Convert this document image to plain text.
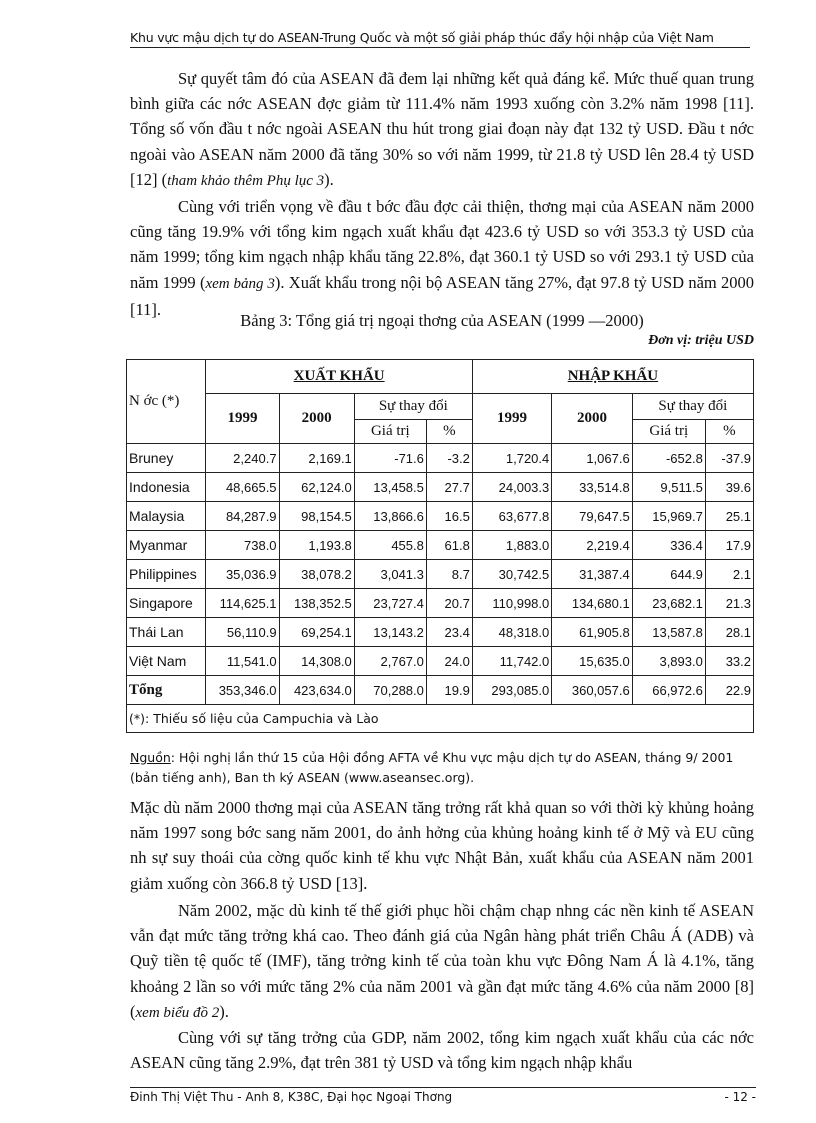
Khu vực mậu dịch tự do ASEAN-Trung Quốc và một số giải pháp thúc đẩy hội nhập của Việt Nam
Sự quyết tâm đó của ASEAN đã đem lại những kết quả đáng kể. Mức thuế quan trung bình giữa các nớc ASEAN đợc giảm từ 111.4% năm 1993 xuống còn 3.2% năm 1998 [11]. Tổng số vốn đầu t nớc ngoài ASEAN thu hút trong giai đoạn này đạt 132 tỷ USD. Đầu t nớc ngoài vào ASEAN năm 2000 đã tăng 30% so với năm 1999, từ 21.8 tỷ USD lên 28.4 tỷ USD [12] (tham khảo thêm Phụ lục 3).
Cùng với triển vọng về đầu t bớc đầu đợc cải thiện, thơng mại của ASEAN năm 2000 cũng tăng 19.9% với tổng kim ngạch xuất khẩu đạt 423.6 tỷ USD so với 353.3 tỷ USD của năm 1999; tổng kim ngạch nhập khẩu tăng 22.8%, đạt 360.1 tỷ USD so với 293.1 tỷ USD của năm 1999 (xem bảng 3). Xuất khẩu trong nội bộ ASEAN tăng 27%, đạt 97.8 tỷ USD năm 2000 [11].
Bảng 3: Tổng giá trị ngoại thơng của ASEAN (1999 —2000)
Đơn vị: triệu USD
N ớc (*)	XUẤT KHẨU				NHẬP KHẨU			
	1999	2000	Sự thay đổi		1999	2000	Sự thay đổi	
			Giá trị	%			Giá trị	%
Bruney	2,240.7	2,169.1	-71.6	-3.2	1,720.4	1,067.6	-652.8	-37.9
Indonesia	48,665.5	62,124.0	13,458.5	27.7	24,003.3	33,514.8	9,511.5	39.6
Malaysia	84,287.9	98,154.5	13,866.6	16.5	63,677.8	79,647.5	15,969.7	25.1
Myanmar	738.0	1,193.8	455.8	61.8	1,883.0	2,219.4	336.4	17.9
Philippines	35,036.9	38,078.2	3,041.3	8.7	30,742.5	31,387.4	644.9	2.1
Singapore	114,625.1	138,352.5	23,727.4	20.7	110,998.0	134,680.1	23,682.1	21.3
Thái Lan	56,110.9	69,254.1	13,143.2	23.4	48,318.0	61,905.8	13,587.8	28.1
Việt Nam	11,541.0	14,308.0	2,767.0	24.0	11,742.0	15,635.0	3,893.0	33.2
Tổng	353,346.0	423,634.0	70,288.0	19.9	293,085.0	360,057.6	66,972.6	22.9
(*): Thiếu số liệu của Campuchia và Lào								
Nguồn: Hội nghị lần thứ 15 của Hội đồng AFTA về Khu vực mậu dịch tự do ASEAN, tháng 9/ 2001 (bản tiếng anh), Ban th ký ASEAN (www.aseansec.org).
Mặc dù năm 2000 thơng mại của ASEAN tăng trởng rất khả quan so với thời kỳ khủng hoảng năm 1997 song bớc sang năm 2001, do ảnh hởng của khủng hoảng kinh tế ở Mỹ và EU cũng nh sự suy thoái của cờng quốc kinh tế khu vực Nhật Bản, xuất khẩu của ASEAN năm 2001 giảm xuống còn 366.8 tỷ USD [13].
Năm 2002, mặc dù kinh tế thế giới phục hồi chậm chạp nhng các nền kinh tế ASEAN vẫn đạt mức tăng trởng khá cao. Theo đánh giá của Ngân hàng phát triển Châu Á (ADB) và Quỹ tiền tệ quốc tế (IMF), tăng trởng kinh tế của toàn khu vực Đông Nam Á là 4.1%, tăng khoảng 2 lần so với mức tăng 2% của năm 2001 và gần đạt mức tăng 4.6% của năm 2000 [8] (xem biểu đồ 2).
Cùng với sự tăng trởng của GDP, năm 2002, tổng kim ngạch xuất khẩu của các nớc ASEAN cũng tăng 2.9%, đạt trên 381 tỷ USD và tổng kim ngạch nhập khẩu
Đinh Thị Việt Thu - Anh 8, K38C, Đại học Ngoại Thơng	- 12 -
